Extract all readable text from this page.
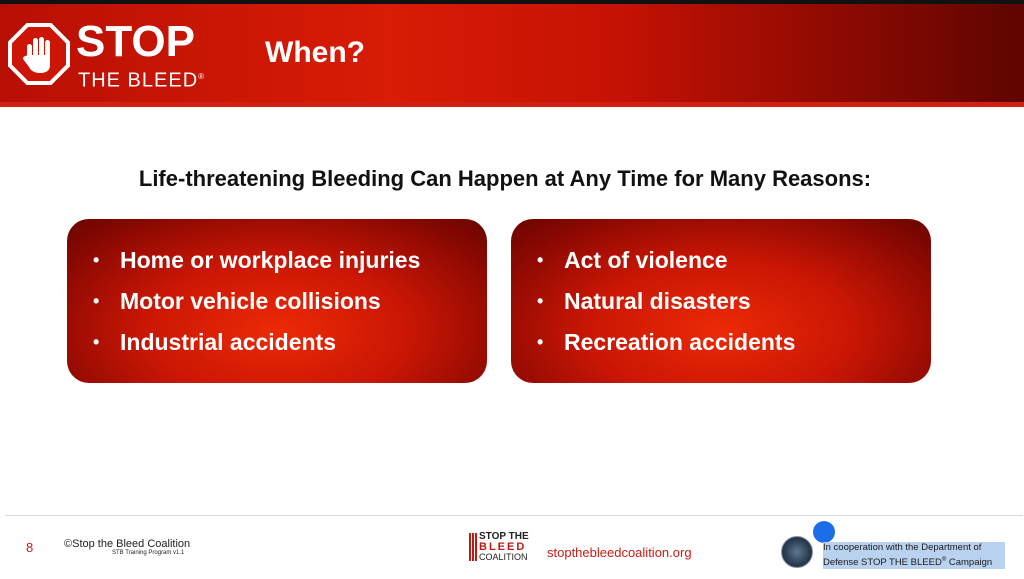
STOP
THE BLEED®
When?
Life-threatening Bleeding Can Happen at Any Time for Many Reasons:
• Home or workplace injuries
• Motor vehicle collisions
• Industrial accidents
• Act of violence
• Natural disasters
• Recreation accidents
8	©Stop the Bleed Coalition
STB Training Program v1.1
STOP THE
BLEED
COALITION stopthebleedcoalition.org	In cooperation with the Department of
Defense STOP THE BLEED® Campaign
